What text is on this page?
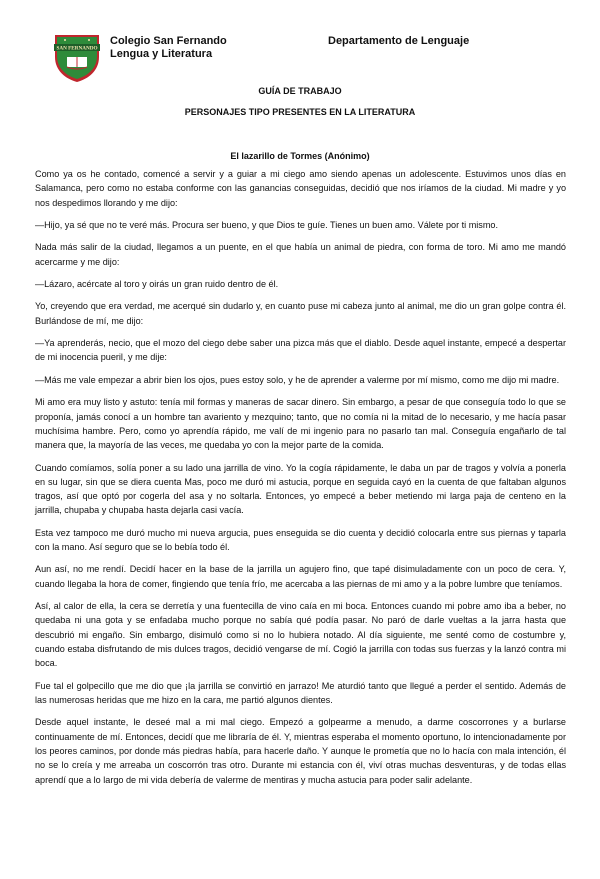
SAN FERNANDO
Colegio San Fernando
Lengua y Literatura
Departamento de Lenguaje
GUÍA DE TRABAJO
PERSONAJES TIPO PRESENTES EN LA LITERATURA
El lazarillo de Tormes (Anónimo)

Como ya os he contado, comencé a servir y a guiar a mi ciego amo siendo apenas un adolescente. Estuvimos unos días en Salamanca, pero como no estaba conforme con las ganancias conseguidas, decidió que nos iríamos de la ciudad. Mi madre y yo nos despedimos llorando y me dijo:

—Hijo, ya sé que no te veré más. Procura ser bueno, y que Dios te guíe. Tienes un buen amo. Válete por ti mismo.

Nada más salir de la ciudad, llegamos a un puente, en el que había un animal de piedra, con forma de toro. Mi amo me mandó acercarme y me dijo:

—Lázaro, acércate al toro y oirás un gran ruido dentro de él.

Yo, creyendo que era verdad, me acerqué sin dudarlo y, en cuanto puse mi cabeza junto al animal, me dio un gran golpe contra él. Burlándose de mí, me dijo:

—Ya aprenderás, necio, que el mozo del ciego debe saber una pizca más que el diablo. Desde aquel instante, empecé a despertar de mi inocencia pueril, y me dije:

—Más me vale empezar a abrir bien los ojos, pues estoy solo, y he de aprender a valerme por mí mismo, como me dijo mi madre.

Mi amo era muy listo y astuto: tenía mil formas y maneras de sacar dinero. Sin embargo, a pesar de que conseguía todo lo que se proponía, jamás conocí a un hombre tan avariento y mezquino; tanto, que no comía ni la mitad de lo necesario, y me hacía pasar muchísima hambre. Pero, como yo aprendía rápido, me valí de mi ingenio para no pasarlo tan mal. Conseguía engañarlo de tal manera que, la mayoría de las veces, me quedaba yo con la mejor parte de la comida.

Cuando comíamos, solía poner a su lado una jarrilla de vino. Yo la cogía rápidamente, le daba un par de tragos y volvía a ponerla en su lugar, sin que se diera cuenta Mas, poco me duró mi astucia, porque en seguida cayó en la cuenta de que faltaban algunos tragos, así que optó por cogerla del asa y no soltarla. Entonces, yo empecé a beber metiendo mi larga paja de centeno en la jarrilla, chupaba y chupaba hasta dejarla casi vacía.

Esta vez tampoco me duró mucho mi nueva argucia, pues enseguida se dio cuenta y decidió colocarla entre sus piernas y taparla con la mano. Así seguro que se lo bebía todo él.

Aun así, no me rendí. Decidí hacer en la base de la jarrilla un agujero fino, que tapé disimuladamente con un poco de cera. Y, cuando llegaba la hora de comer, fingiendo que tenía frío, me acercaba a las piernas de mi amo y a la pobre lumbre que teníamos.

Así, al calor de ella, la cera se derretía y una fuentecilla de vino caía en mi boca. Entonces cuando mi pobre amo iba a beber, no quedaba ni una gota y se enfadaba mucho porque no sabía qué podía pasar. No paró de darle vueltas a la jarra hasta que descubrió mi engaño. Sin embargo, disimuló como si no lo hubiera notado. Al día siguiente, me senté como de costumbre y, cuando estaba disfrutando de mis dulces tragos, decidió vengarse de mí. Cogió la jarrilla con todas sus fuerzas y la lanzó contra mi boca.

Fue tal el golpecillo que me dio que ¡la jarrilla se convirtió en jarrazo! Me aturdió tanto que llegué a perder el sentido. Además de las numerosas heridas que me hizo en la cara, me partió algunos dientes.

Desde aquel instante, le deseé mal a mi mal ciego. Empezó a golpearme a menudo, a darme coscorrones y a burlarse continuamente de mí. Entonces, decidí que me libraría de él. Y, mientras esperaba el momento oportuno, lo intencionadamente por los peores caminos, por donde más piedras había, para hacerle daño. Y aunque le prometía que no lo hacía con mala intención, él no se lo creía y me arreaba un coscorrón tras otro. Durante mi estancia con él, viví otras muchas desventuras, y de todas ellas aprendí que a lo largo de mi vida debería de valerme de mentiras y mucha astucia para poder salir adelante.
